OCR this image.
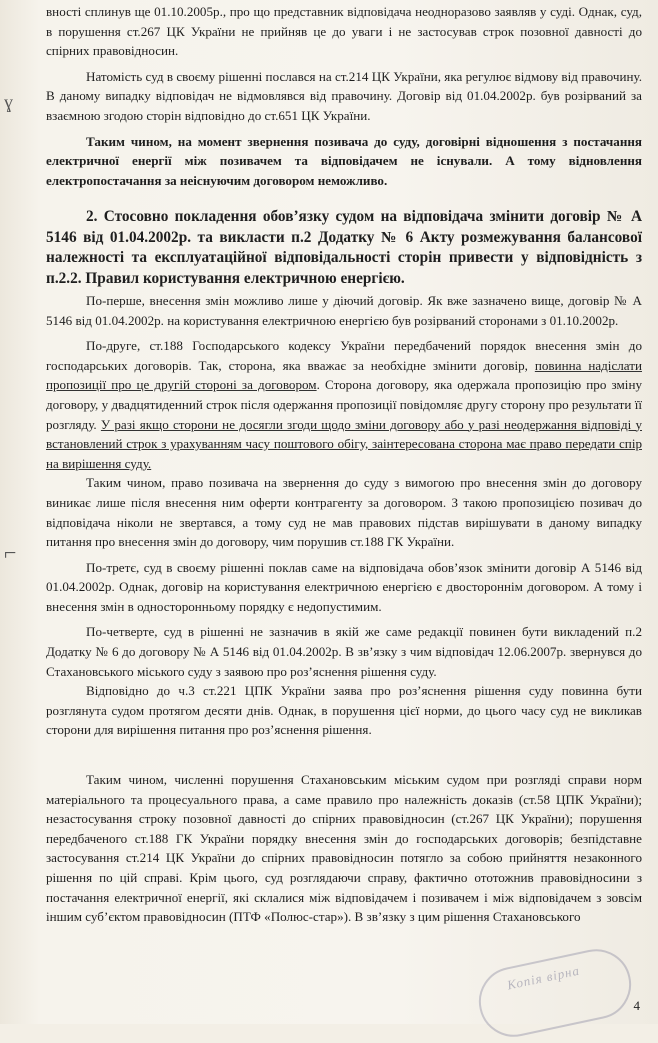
вності сплинув ще 01.10.2005р., про що представник відповідача неодноразово заявляв у суді. Однак, суд, в порушення ст.267 ЦК України не прийняв це до уваги і не застосував строк позовної давності до спірних правовідносин.

Натомість суд в своєму рішенні послався на ст.214 ЦК України, яка регулює відмову від правочину. В даному випадку відповідач не відмовлявся від правочину. Договір від 01.04.2002р. був розірваний за взаємною згодою сторін відповідно до ст.651 ЦК України.

Таким чином, на момент звернення позивача до суду, договірні відношення з постачання електричної енергії між позивачем та відповідачем не існували. А тому відновлення електропостачання за неіснуючим договором неможливо.

2. Стосовно покладення обов’язку судом на відповідача змінити договір № А 5146 від 01.04.2002р. та викласти п.2 Додатку № 6 Акту розмежування балансової належності та експлуатаційної відповідальності сторін привести у відповідність з п.2.2. Правил користування електричною енергією.

По-перше, внесення змін можливо лише у діючий договір. Як вже зазначено вище, договір № А 5146 від 01.04.2002р. на користування електричною енергією був розірваний сторонами з 01.10.2002р.

По-друге, ст.188 Господарського кодексу України передбачений порядок внесення змін до господарських договорів. Так, сторона, яка вважає за необхідне змінити договір, повинна надіслати пропозиції про це другій стороні за договором. Сторона договору, яка одержала пропозицію про зміну договору, у двадцятиденний строк після одержання пропозиції повідомляє другу сторону про результати її розгляду. У разі якщо сторони не досягли згоди щодо зміни договору або у разі неодержання відповіді у встановлений строк з урахуванням часу поштового обігу, заінтересована сторона має право передати спір на вирішення суду.

Таким чином, право позивача на звернення до суду з вимогою про внесення змін до договору виникає лише після внесення ним оферти контрагенту за договором. З такою пропозицією позивач до відповідача ніколи не звертався, а тому суд не мав правових підстав вирішувати в даному випадку питання про внесення змін до договору, чим порушив ст.188 ГК України.

По-третє, суд в своєму рішенні поклав саме на відповідача обов’язок змінити договір А 5146 від 01.04.2002р. Однак, договір на користування електричною енергією є двостороннім договором. А тому і внесення змін в односторонньому порядку є недопустимим.

По-четверте, суд в рішенні не зазначив в якій же саме редакції повинен бути викладений п.2 Додатку № 6 до договору № А 5146 від 01.04.2002р. В зв’язку з чим відповідач 12.06.2007р. звернувся до Стахановського міського суду з заявою про роз’яснення рішення суду.

Відповідно до ч.3 ст.221 ЦПК України заява про роз’яснення рішення суду повинна бути розглянута судом протягом десяти днів. Однак, в порушення цієї норми, до цього часу суд не викликав сторони для вирішення питання про роз’яснення рішення.

Таким чином, численні порушення Стахановським міським судом при розгляді справи норм матеріального та процесуального права, а саме правило про належність доказів (ст.58 ЦПК України); незастосування строку позовної давності до спірних правовідносин (ст.267 ЦК України); порушення передбаченого ст.188 ГК України порядку внесення змін до господарських договорів; безпідставне застосування ст.214 ЦК України до спірних правовідносин потягло за собою прийняття незаконного рішення по цій справі. Крім цього, суд розглядаючи справу, фактично ототожнив правовідносини з постачання електричної енергії, які склалися між відповідачем і позивачем і між відповідачем з зовсім іншим суб’єктом правовідносин (ПТФ «Полюс-стар»). В зв’язку з цим рішення Стахановського

ɣ
⌐
Копія вірна
4
